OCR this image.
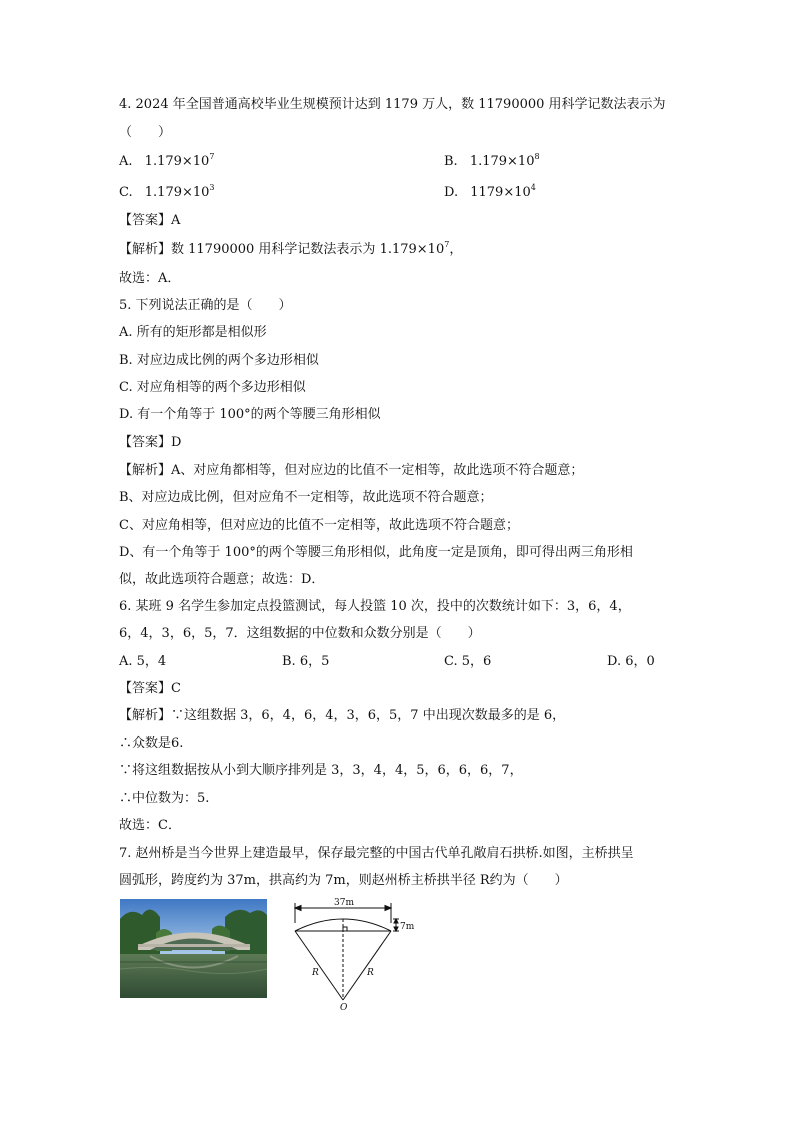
4. 2024 年全国普通高校毕业生规模预计达到 1179 万人，数 11790000 用科学记数法表示为
（　　）
A. $1.179\times 10^7$	B. $1.179\times 10^8$
C. $1.179\times 10^3$	D. $1179\times 10^4$
【答案】A
【解析】数 11790000 用科学记数法表示为 $1.179\times 10^7$，
故选：A．
5. 下列说法正确的是（　　）
A. 所有的矩形都是相似形
B. 对应边成比例的两个多边形相似
C. 对应角相等的两个多边形相似
D. 有一个角等于 100°的两个等腰三角形相似
【答案】D
【解析】A、对应角都相等，但对应边的比值不一定相等，故此选项不符合题意；
B、对应边成比例，但对应角不一定相等，故此选项不符合题意；
C、对应角相等，但对应边的比值不一定相等，故此选项不符合题意；
D、有一个角等于 100°的两个等腰三角形相似，此角度一定是顶角，即可得出两三角形相
似，故此选项符合题意；故选：D．
6. 某班 9 名学生参加定点投篮测试，每人投篮 10 次，投中的次数统计如下：3，6，4，
6，4，3，6，5，7．这组数据的中位数和众数分别是（　　）
A. 5，4	B. 6，5	C. 5，6	D. 6，0
【答案】C
【解析】∵这组数据 3，6，4，6，4，3，6，5，7 中出现次数最多的是 6，
∴众数是6.
∵将这组数据按从小到大顺序排列是 3，3，4，4，5，6，6，6，7，
∴中位数为：5.
故选：C．
7. 赵州桥是当今世界上建造最早，保存最完整的中国古代单孔敞肩石拱桥.如图，主桥拱呈
圆弧形，跨度约为 37m，拱高约为 7m，则赵州桥主桥拱半径 R约为（　　）
37m
7m
R	R
O
